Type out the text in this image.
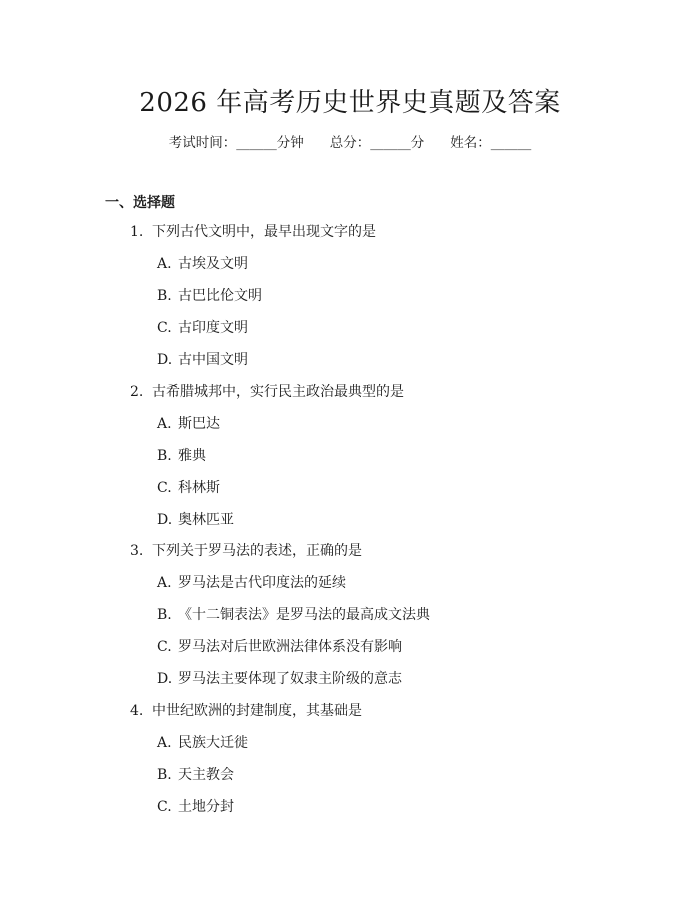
2026 年高考历史世界史真题及答案
考试时间：______分钟 总分：______分 姓名：______
一、选择题
1. 下列古代文明中，最早出现文字的是
A. 古埃及文明
B. 古巴比伦文明
C. 古印度文明
D. 古中国文明
2. 古希腊城邦中，实行民主政治最典型的是
A. 斯巴达
B. 雅典
C. 科林斯
D. 奥林匹亚
3. 下列关于罗马法的表述，正确的是
A. 罗马法是古代印度法的延续
B. 《十二铜表法》是罗马法的最高成文法典
C. 罗马法对后世欧洲法律体系没有影响
D. 罗马法主要体现了奴隶主阶级的意志
4. 中世纪欧洲的封建制度，其基础是
A. 民族大迁徙
B. 天主教会
C. 土地分封
